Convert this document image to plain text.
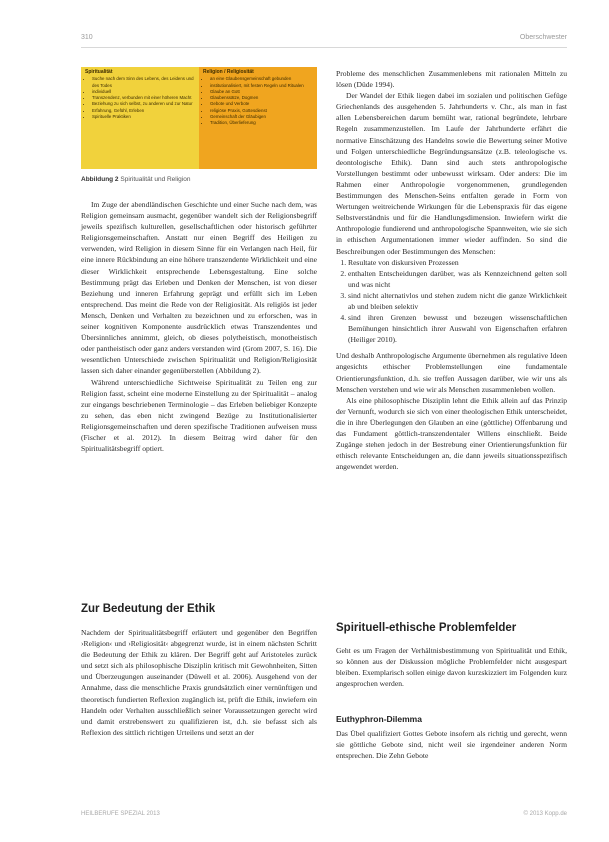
310	Oberschwester
Spiritualität
• Suche nach dem Sinn des Lebens, des Leidens und des Todes
• individuell
• Transzendenz, verbunden mit einer höheren Macht
• Beziehung zu sich selbst, zu anderen und zur Natur
• Erfahrung, Gefühl, Erleben
• Spirituelle Praktiken
Religion / Religiosität
• an eine Glaubensgemeinschaft gebunden
• institutionalisiert, mit festen Regeln und Ritualen
• Glaube an Gott
• Glaubenssätze, Dogmen
• Gebote und Verbote
• religiöse Praxis, Gottesdienst
• Gemeinschaft der Gläubigen
• Tradition, Überlieferung
Abbildung 2 Spiritualität und Religion

Im Zuge der abendländischen Geschichte und einer Suche nach dem, was Religion gemeinsam ausmacht, gegenüber wandelt sich der Religionsbegriff jeweils spezifisch kulturellen, gesellschaftlichen oder historisch geführter Religionsgemeinschaften. Anstatt nur einen Begriff des Heiligen zu verwenden, wird Religion in diesem Sinne für ein Verlangen nach Heil, für eine innere Rückbindung an eine höhere transzendente Wirklichkeit und eine dieser Wirklichkeit entsprechende Lebensgestaltung. Eine solche Bestimmung prägt das Erleben und Denken der Menschen, ist von dieser Beziehung und inneren Erfahrung geprägt und erfüllt sich im Leben entsprechend. Das meint die Rede von der Religiosität. Als religiös ist jeder Mensch, Denken und Verhalten zu bezeichnen und zu erforschen, was in seiner kognitiven Komponente ausdrücklich etwas Transzendentes und Übersinnliches annimmt, gleich, ob dieses polytheistisch, monotheistisch oder pantheistisch oder ganz anders verstanden wird (Grom 2007, S. 16). Die wesentlichen Unterschiede zwischen Spiritualität und Religion/Religiosität lassen sich daher einander gegenüberstellen (Abbildung 2).

Während unterschiedliche Sichtweise Spiritualität zu Teilen eng zur Religion fasst, scheint eine moderne Einstellung zu der Spiritualität – analog zur eingangs beschriebenen Terminologie – das Erleben beliebiger Konzepte zu sehen, das eben nicht zwingend Bezüge zu Institutionalisierter Religionsgemeinschaften und deren spezifische Traditionen aufweisen muss (Fischer et al. 2012). In diesem Beitrag wird daher für den Spiritualitätsbegriff optiert.

Zur Bedeutung der Ethik

Nachdem der Spiritualitätsbegriff erläutert und gegenüber den Begriffen ›Religion‹ und ›Religiosität‹ abgegrenzt wurde, ist in einem nächsten Schritt die Bedeutung der Ethik zu klären. Der Begriff geht auf Aristoteles zurück und setzt sich als philosophische Disziplin kritisch mit Gewohnheiten, Sitten und Überzeugungen auseinander (Düwell et al. 2006). Ausgehend von der Annahme, dass die menschliche Praxis grundsätzlich einer vernünftigen und theoretisch fundierten Reflexion zugänglich ist, prüft die Ethik, inwiefern ein Handeln oder Verhalten ausschließlich seiner Voraussetzungen gerecht wird und damit erstrebenswert zu qualifizieren ist, d.h. sie befasst sich als Reflexion des sittlich richtigen Urteilens und setzt an der

Probleme des menschlichen Zusammenlebens mit rationalen Mitteln zu lösen (Düde 1994).

Der Wandel der Ethik liegen dabei im sozialen und politischen Gefüge Griechenlands des ausgehenden 5. Jahrhunderts v. Chr., als man in fast allen Lebensbereichen darum bemüht war, rational begründete, lehrbare Regeln zusammenzustellen. Im Laufe der Jahrhunderte erfährt die normative Einschätzung des Handelns sowie die Bewertung seiner Motive und Folgen unterschiedliche Begründungsansätze (z.B. teleologische vs. deontologische Ethik). Dann sind auch stets anthropologische Vorstellungen bestimmt oder unbewusst wirksam. Oder anders: Die im Rahmen einer Anthropologie vorgenommenen, grundlegenden Bestimmungen des Menschen-Seins entfalten gerade in Form von Wertungen weitreichende Wirkungen für die Lebenspraxis für das eigene Selbstverständnis und für die Handlungsdimension. Inwiefern wirkt die Anthropologie fundierend und anthropologische Spannweiten, wie sie sich in ethischen Argumentationen immer wieder auffinden. So sind die Beschreibungen oder Bestimmungen des Menschen:

1. Resultate von diskursiven Prozessen
2. enthalten Entscheidungen darüber, was als Kennzeichnend gelten soll und was nicht
3. sind nicht alternativlos und stehen zudem nicht die ganze Wirklichkeit ab und bleiben selektiv
4. sind ihren Grenzen bewusst und bezeugen wissenschaftlichen Bemühungen hinsichtlich ihrer Auswahl von Eigenschaften erfahren (Heiliger 2010).

Und deshalb Anthropologische Argumente übernehmen als regulative Ideen angesichts ethischer Problemstellungen eine fundamentale Orientierungsfunktion, d.h. sie treffen Aussagen darüber, wie wir uns als Menschen verstehen und wie wir als Menschen zusammenleben wollen.

Als eine philosophische Disziplin lehnt die Ethik allein auf das Prinzip der Vernunft, wodurch sie sich von einer theologischen Ethik unterscheidet, die in ihre Überlegungen den Glauben an eine (göttliche) Offenbarung und das Fundament göttlich-transzendentaler Willens einschließt. Beide Zugänge stehen jedoch in der Bestrebung einer Orientierungsfunktion für ethisch relevante Entscheidungen an, die dann jeweils situationsspezifisch angewendet werden.

Spirituell-ethische Problemfelder

Geht es um Fragen der Verhältnisbestimmung von Spiritualität und Ethik, so können aus der Diskussion mögliche Problemfelder nicht ausgespart bleiben. Exemplarisch sollen einige davon kurzskizziert im Folgenden kurz angesprochen werden.

Euthyphron-Dilemma

Das Übel qualifiziert Gottes Gebote insofern als richtig und gerecht, wenn sie göttliche Gebote sind, nicht weil sie irgendeiner anderen Norm entsprechen. Die Zehn Gebote

HEILBERUFE SPEZIAL 2013	© 2013 Kopp.de
